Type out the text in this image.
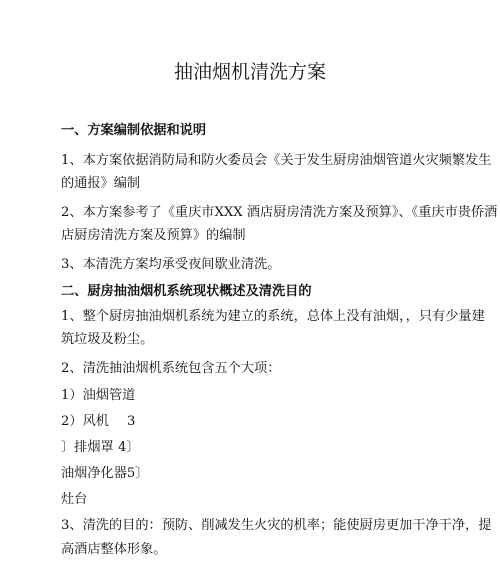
抽油烟机清洗方案
一、方案编制依据和说明
1、本方案依据消防局和防火委员会《关于发生厨房油烟管道火灾频繁发生
的通报》编制
2、本方案参考了《重庆市XXX 酒店厨房清洗方案及预算》、《重庆市贵侨酒
店厨房清洗方案及预算》的编制
3、本清洗方案均承受夜间歇业清洗。
二、厨房抽油烟机系统现状概述及清洗目的
1、整个厨房抽油烟机系统为建立的系统，总体上没有油烟，，只有少量建
筑垃圾及粉尘。
2、清洗抽油烟机系统包含五个大项：
1）油烟管道
2）风机 3
〕排烟罩 4〕
油烟净化器5〕
灶台
3、清洗的目的：预防、削减发生火灾的机率；能使厨房更加干净干净，提
高酒店整体形象。
